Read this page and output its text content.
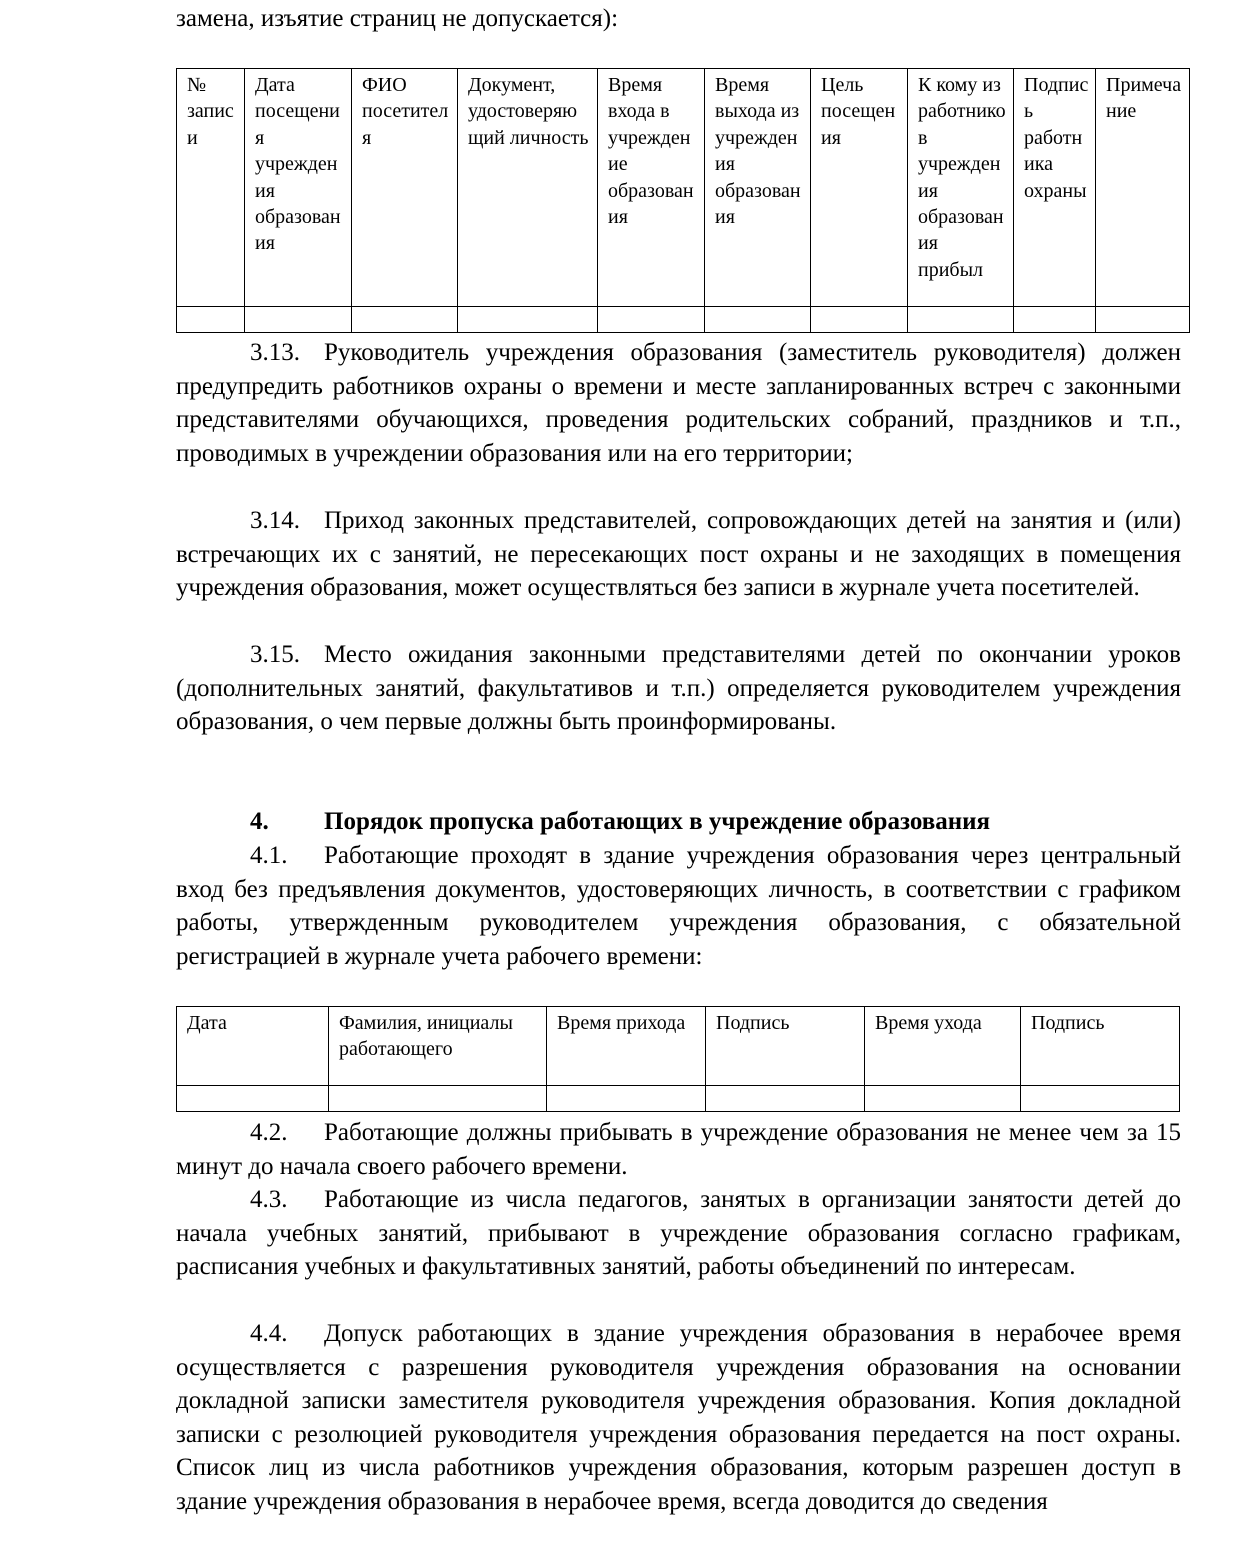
замена, изъятие страниц не допускается):
№ записи	Дата посещения учреждения образования	ФИО посетителя	Документ, удостоверяющий личность	Время входа в учреждение образования	Время выхода из учреждения образования	Цель посещения	К кому из работников учреждения образования прибыл	Подпись работника охраны	Примечание

3.13. Руководитель учреждения образования (заместитель руководителя) должен предупредить работников охраны о времени и месте запланированных встреч с законными представителями обучающихся, проведения родительских собраний, праздников и т.п., проводимых в учреждении образования или на его территории;
3.14. Приход законных представителей, сопровождающих детей на занятия и (или) встречающих их с занятий, не пересекающих пост охраны и не заходящих в помещения учреждения образования, может осуществляться без записи в журнале учета посетителей.
3.15. Место ожидания законными представителями детей по окончании уроков (дополнительных занятий, факультативов и т.п.) определяется руководителем учреждения образования, о чем первые должны быть проинформированы.
4. Порядок пропуска работающих в учреждение образования
4.1. Работающие проходят в здание учреждения образования через центральный вход без предъявления документов, удостоверяющих личность, в соответствии с графиком работы, утвержденным руководителем учреждения образования, с обязательной регистрацией в журнале учета рабочего времени:
Дата	Фамилия, инициалы работающего	Время прихода	Подпись	Время ухода	Подпись

4.2. Работающие должны прибывать в учреждение образования не менее чем за 15 минут до начала своего рабочего времени.
4.3. Работающие из числа педагогов, занятых в организации занятости детей до начала учебных занятий, прибывают в учреждение образования согласно графикам, расписания учебных и факультативных занятий, работы объединений по интересам.
4.4. Допуск работающих в здание учреждения образования в нерабочее время осуществляется с разрешения руководителя учреждения образования на основании докладной записки заместителя руководителя учреждения образования. Копия докладной записки с резолюцией руководителя учреждения образования передается на пост охраны. Список лиц из числа работников учреждения образования, которым разрешен доступ в здание учреждения образования в нерабочее время, всегда доводится до сведения
